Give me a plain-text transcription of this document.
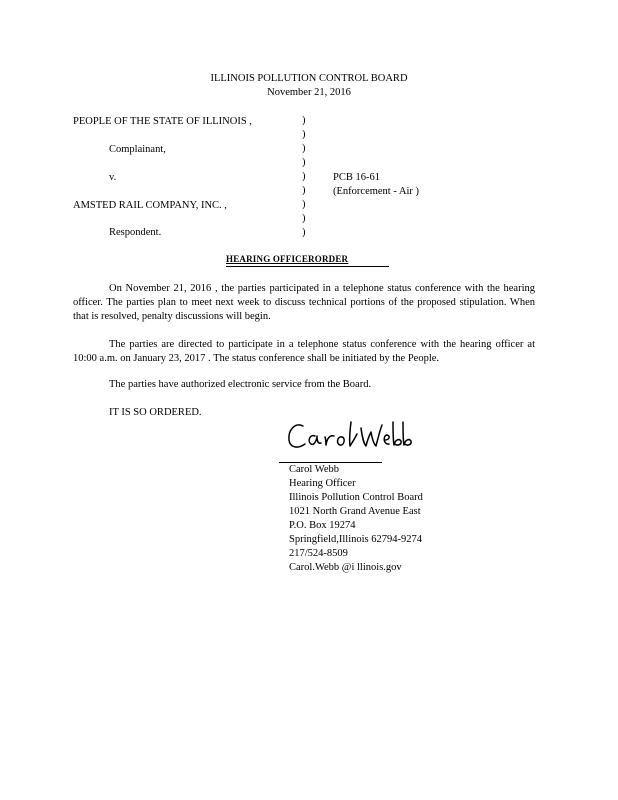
ILLINOIS POLLUTION CONTROL BOARD
November 21, 2016
PEOPLE OF THE STATE OF ILLINOIS ,
Complainant,
v.
AMSTED RAIL COMPANY, INC. ,
Respondent.
)
)
)
)
)
)
)
)
)
PCB 16-61
(Enforcement - Air )
HEARING OFFICERORDER
On November 21, 2016 , the parties participated in a telephone status conference with the hearing officer. The parties plan to meet next week to discuss technical portions of the proposed stipulation. When that is resolved, penalty discussions will begin.
The parties are directed to participate in a telephone status conference with the hearing officer at 10:00 a.m. on January 23, 2017 . The status conference shall be initiated by the People.
The parties have authorized electronic service from the Board.
IT IS SO ORDERED.
Carol Webb
Hearing Officer
Illinois Pollution Control Board
1021 North Grand Avenue East
P.O. Box 19274
Springfield,Illinois 62794-9274
217/524-8509
Carol.Webb @i llinois.gov
